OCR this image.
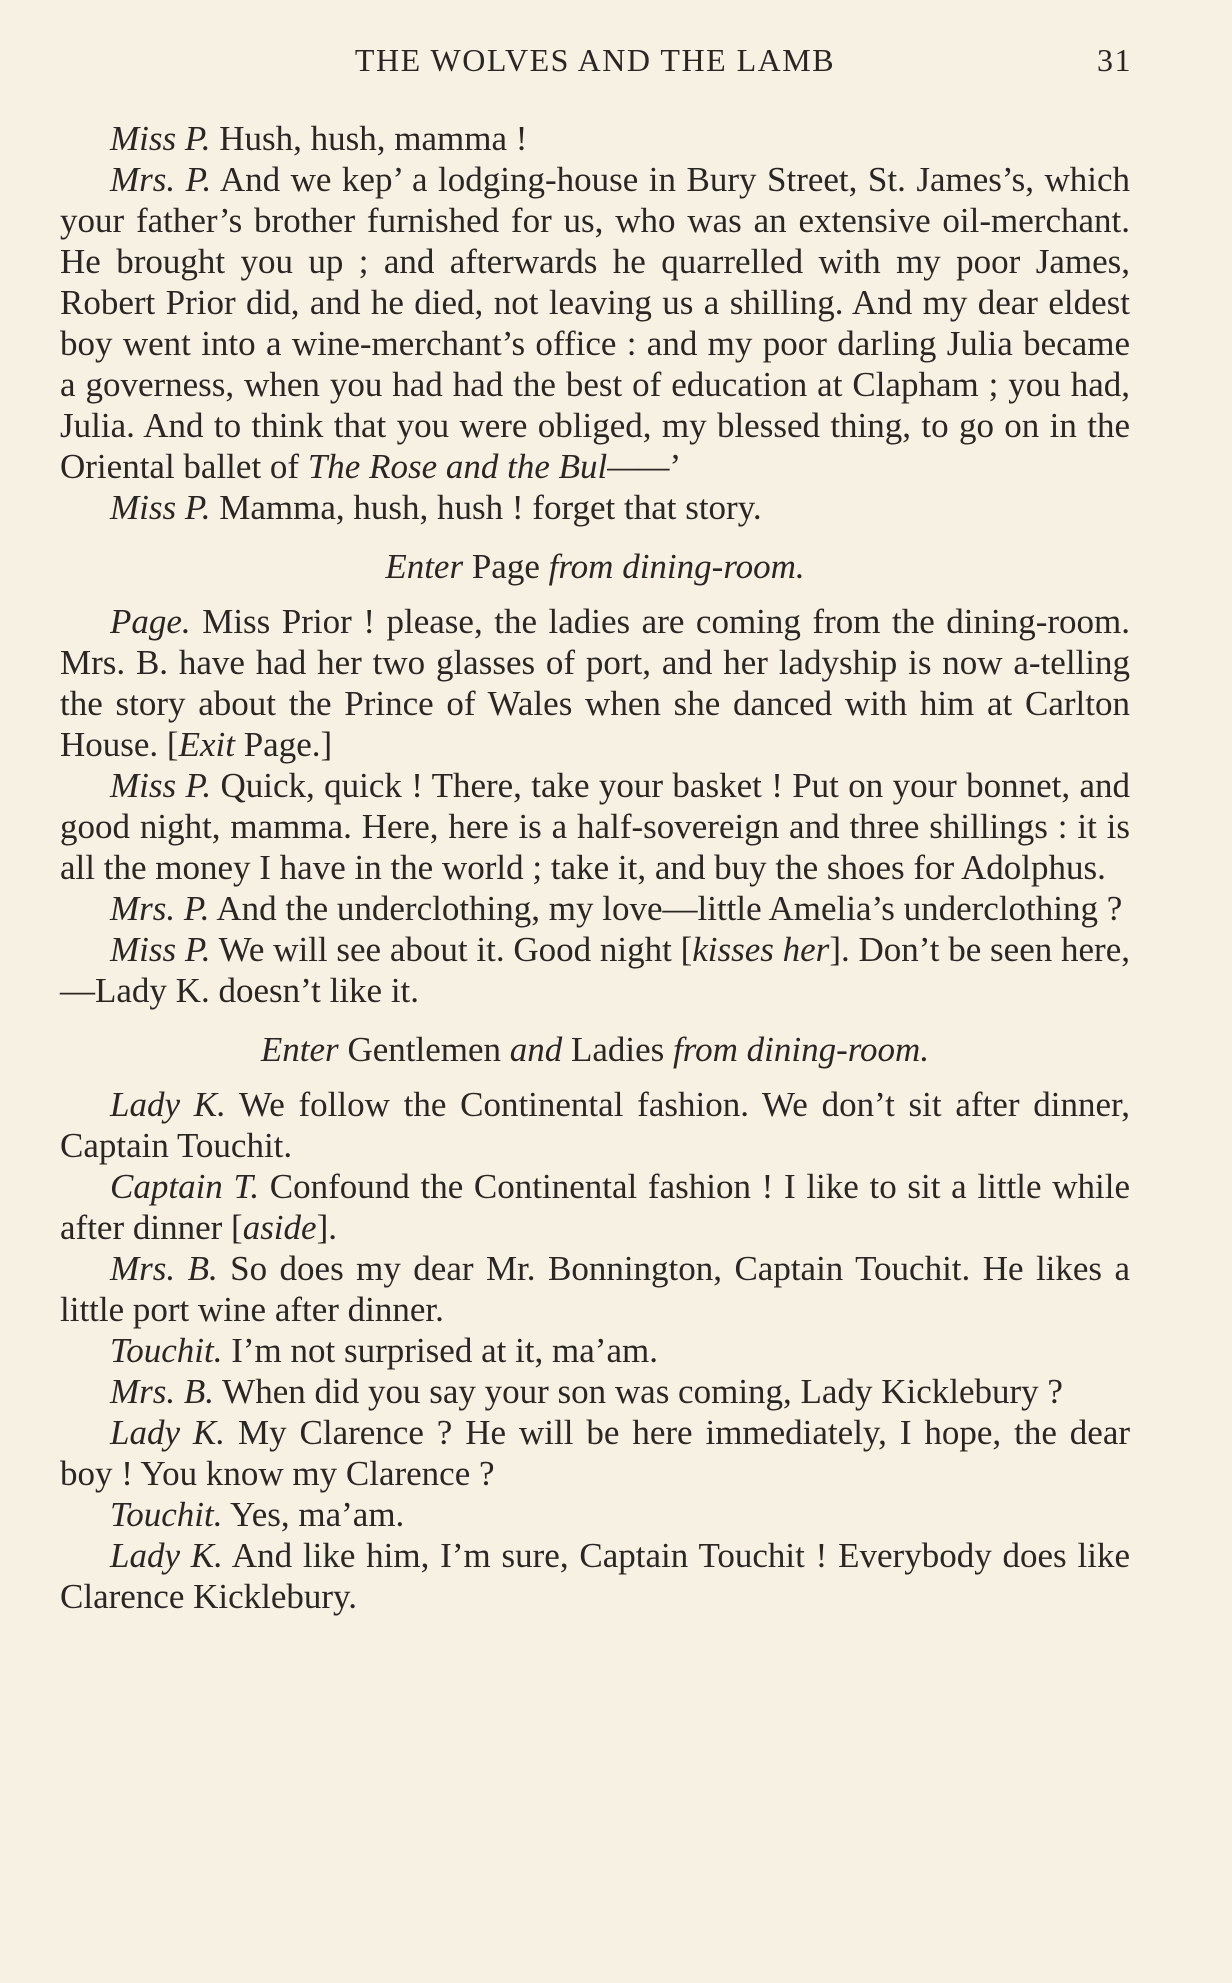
THE WOLVES AND THE LAMB	31

Miss P. Hush, hush, mamma !

Mrs. P. And we kep’ a lodging-house in Bury Street, St. James’s, which your father’s brother furnished for us, who was an extensive oil-merchant. He brought you up ; and afterwards he quarrelled with my poor James, Robert Prior did, and he died, not leaving us a shilling. And my dear eldest boy went into a wine-merchant’s office : and my poor darling Julia became a governess, when you had had the best of education at Clapham ; you had, Julia. And to think that you were obliged, my blessed thing, to go on in the Oriental ballet of The Rose and the Bul——’

Miss P. Mamma, hush, hush ! forget that story.

Enter Page from dining-room.

Page. Miss Prior ! please, the ladies are coming from the dining-room. Mrs. B. have had her two glasses of port, and her ladyship is now a-telling the story about the Prince of Wales when she danced with him at Carlton House. [Exit Page.]

Miss P. Quick, quick ! There, take your basket ! Put on your bonnet, and good night, mamma. Here, here is a half-sovereign and three shillings : it is all the money I have in the world ; take it, and buy the shoes for Adolphus.

Mrs. P. And the underclothing, my love—little Amelia’s underclothing ?

Miss P. We will see about it. Good night [kisses her]. Don’t be seen here,—Lady K. doesn’t like it.

Enter Gentlemen and Ladies from dining-room.

Lady K. We follow the Continental fashion. We don’t sit after dinner, Captain Touchit.

Captain T. Confound the Continental fashion ! I like to sit a little while after dinner [aside].

Mrs. B. So does my dear Mr. Bonnington, Captain Touchit. He likes a little port wine after dinner.

Touchit. I’m not surprised at it, ma’am.

Mrs. B. When did you say your son was coming, Lady Kicklebury ?

Lady K. My Clarence ? He will be here immediately, I hope, the dear boy ! You know my Clarence ?

Touchit. Yes, ma’am.

Lady K. And like him, I’m sure, Captain Touchit ! Everybody does like Clarence Kicklebury.
